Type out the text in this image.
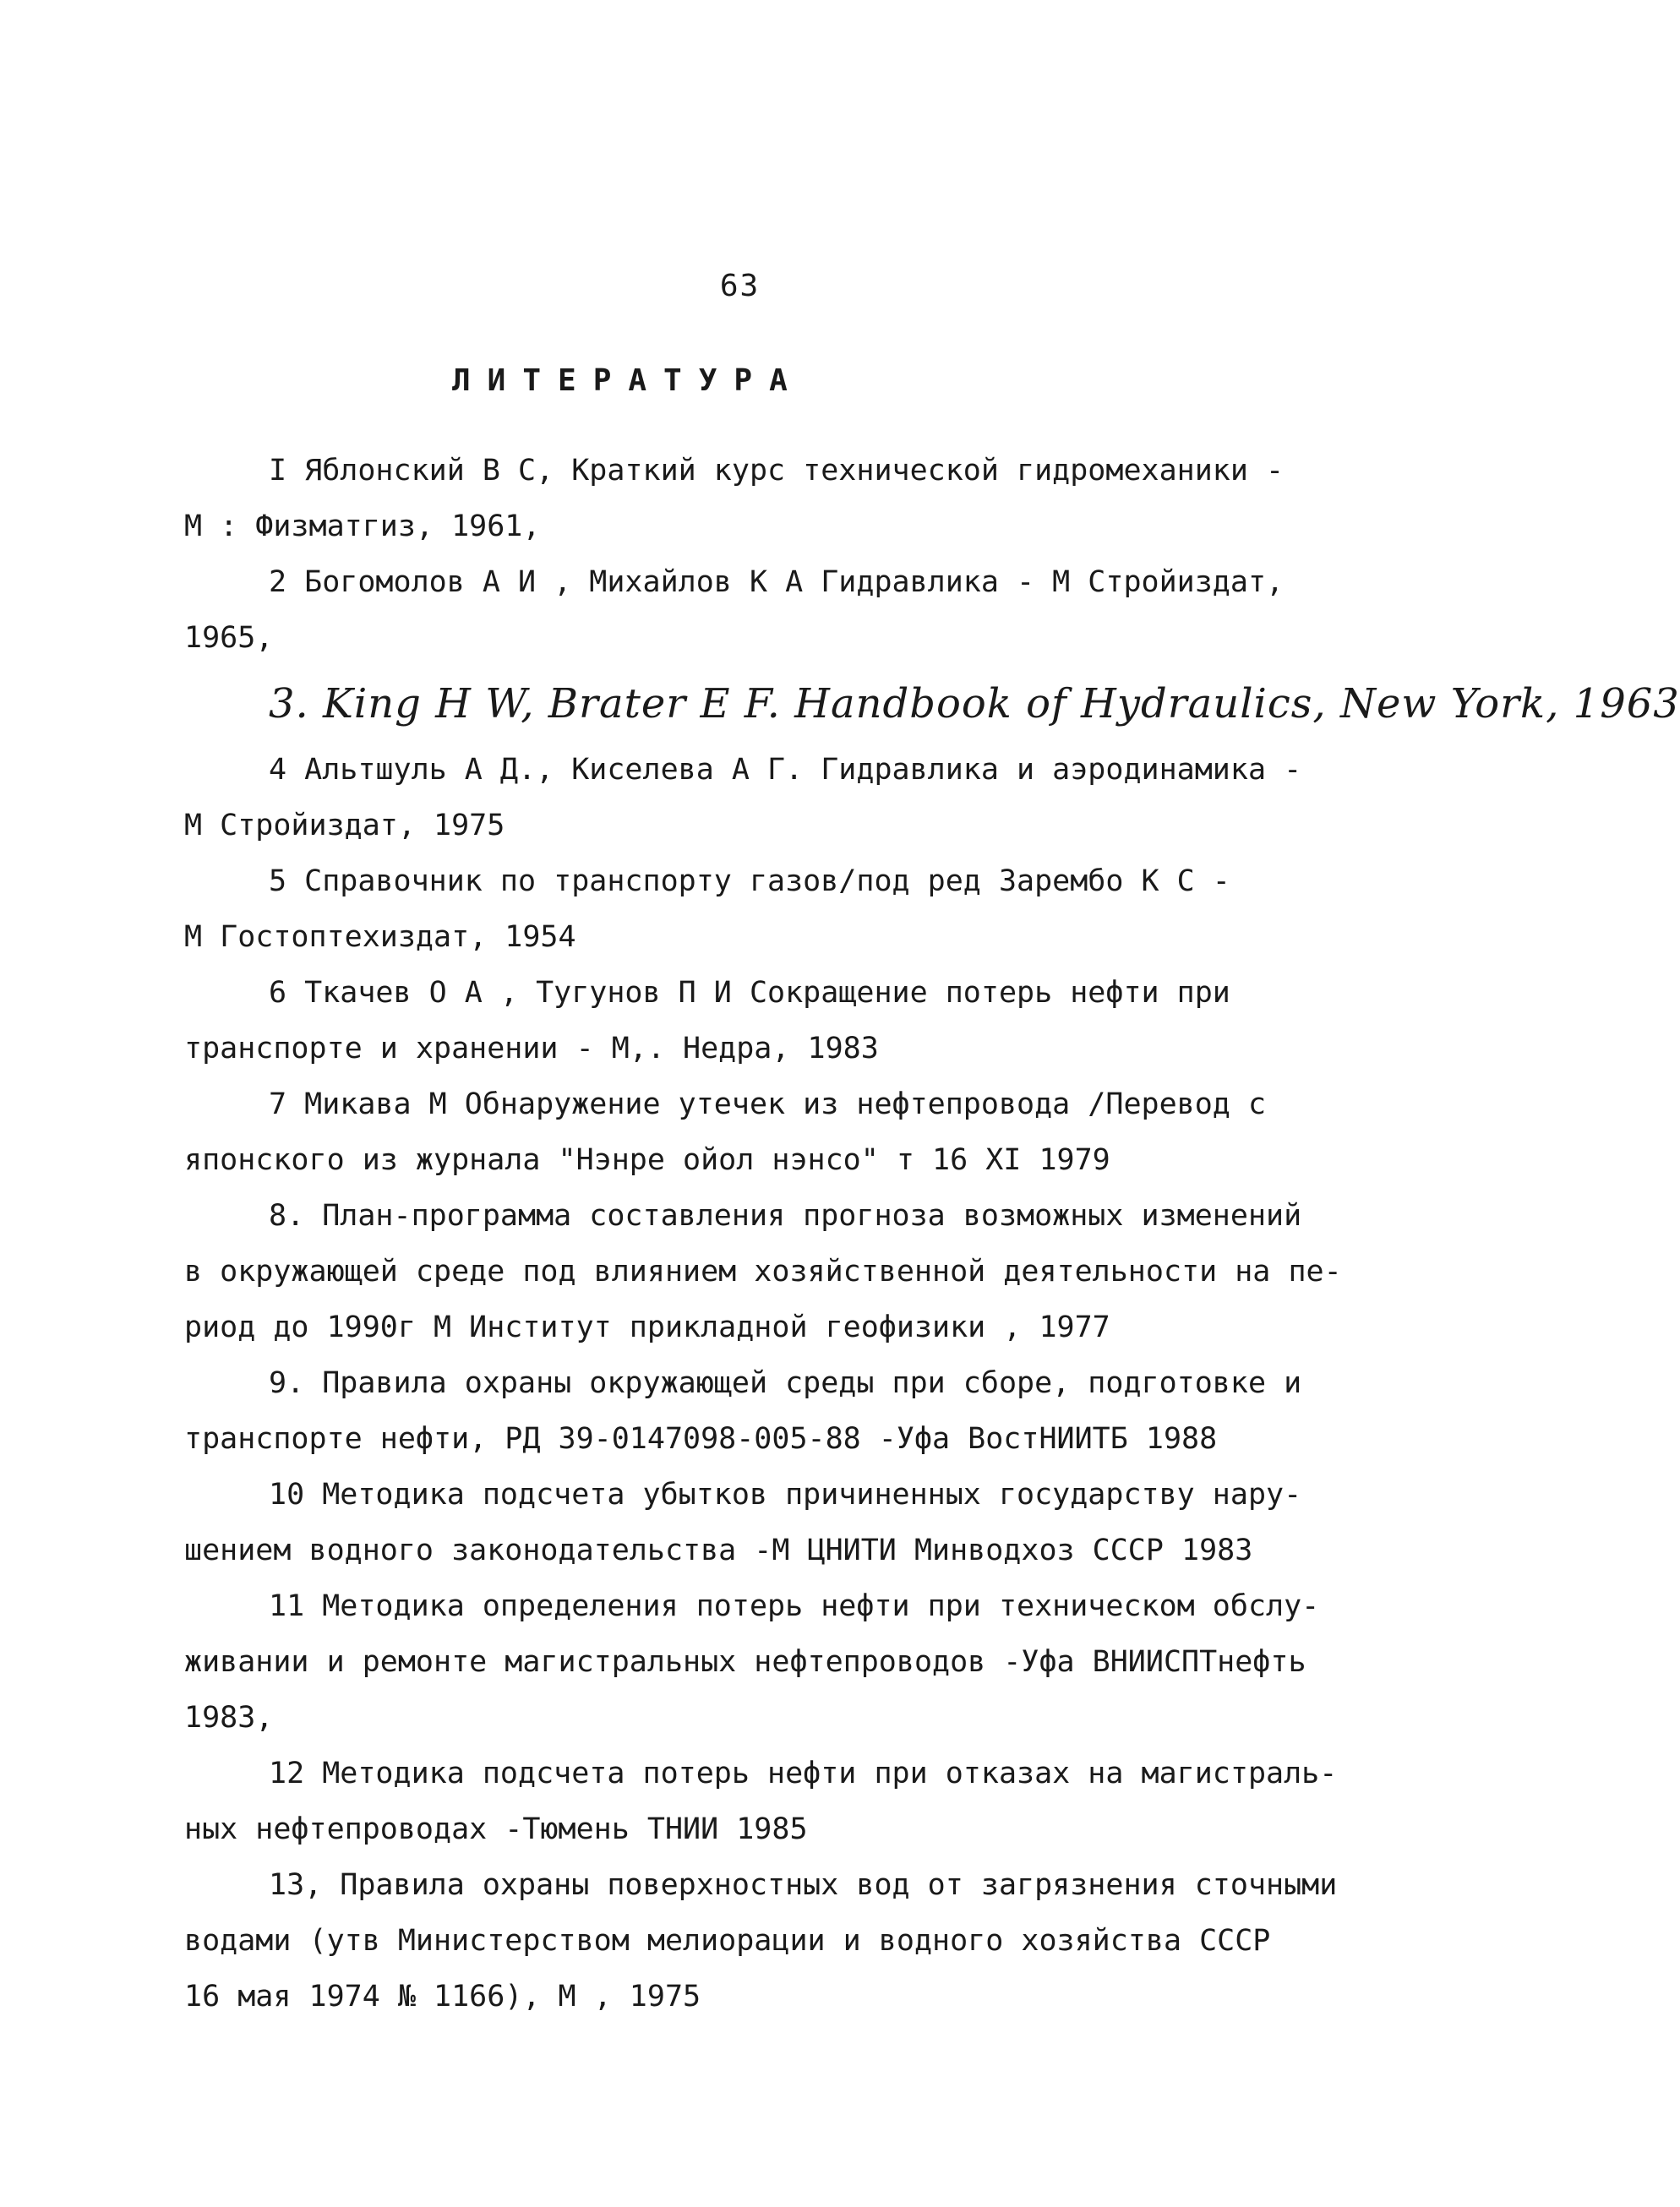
63
ЛИТЕРАТУРА
I Яблонский В С, Краткий курс технической гидромеханики -
М : Физматгиз, 1961,
2 Богомолов А И , Михайлов К А Гидравлика - М Стройиздат,
1965,
3. King H W, Brater E F. Handbook of Hydraulics, New York, 1963
4 Альтшуль А Д., Киселева А Г. Гидравлика и аэродинамика -
М Стройиздат, 1975
5 Справочник по транспорту газов/под ред Зарембо К С -
М Гостоптехиздат, 1954
6 Ткачев О А , Тугунов П И Сокращение потерь нефти при
транспорте и хранении - М,. Недра, 1983
7 Микава М Обнаружение утечек из нефтепровода /Перевод с
японского из журнала "Нэнре ойол нэнсо" т 16 XI 1979
8. План-программа составления прогноза возможных изменений
в окружающей среде под влиянием хозяйственной деятельности на пе-
риод до 1990г М Институт прикладной геофизики , 1977
9. Правила охраны окружающей среды при сборе, подготовке и
транспорте нефти, РД 39-0147098-005-88 -Уфа ВостНИИТБ 1988
10 Методика подсчета убытков причиненных государству нару-
шением водного законодательства -М ЦНИТИ Минводхоз СССР 1983
11 Методика определения потерь нефти при техническом обслу-
живании и ремонте магистральных нефтепроводов -Уфа ВНИИСПТнефть
1983,
12 Методика подсчета потерь нефти при отказах на магистраль-
ных нефтепроводах -Тюмень ТНИИ 1985
13, Правила охраны поверхностных вод от загрязнения сточными
водами (утв Министерством мелиорации и водного хозяйства СССР
16 мая 1974 № 1166), М , 1975
